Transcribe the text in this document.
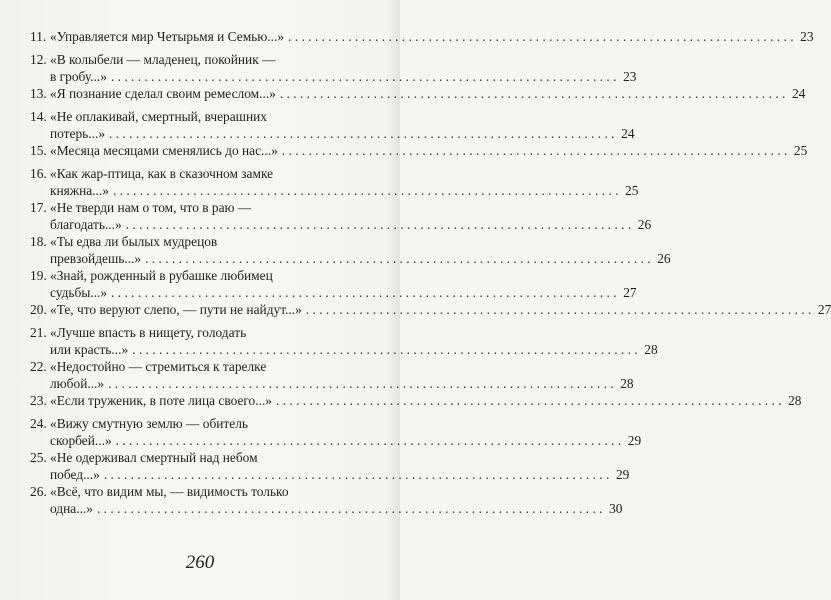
11. «Управляется мир Четырьмя и Семью...» . . .	23
12. «В колыбели — младенец, покойник —
в гробу...» . . .	23
13. «Я познание сделал своим ремеслом...» . . .	24
14. «Не оплакивай, смертный, вчерашних
потерь...» . . .	24
15. «Месяца месяцами сменялись до нас...» . . .	25
16. «Как жар-птица, как в сказочном замке
княжна...» . . .	25
17. «Не тверди нам о том, что в раю —
благодать...» . . .	26
18. «Ты едва ли былых мудрецов
превзойдешь...» . . .	26
19. «Знай, рожденный в рубашке любимец
судьбы...» . . .	27
20. «Те, что веруют слепо, — пути не найдут...» . . .	27
21. «Лучше впасть в нищету, голодать
или красть...» . . .	28
22. «Недостойно — стремиться к тарелке
любой...» . . .	28
23. «Если труженик, в поте лица своего...» . . .	28
24. «Вижу смутную землю — обитель
скорбей...» . . .	29
25. «Не одерживал смертный над небом
побед...» . . .	29
26. «Всё, что видим мы, — видимость только
одна...» . . .	30
260
